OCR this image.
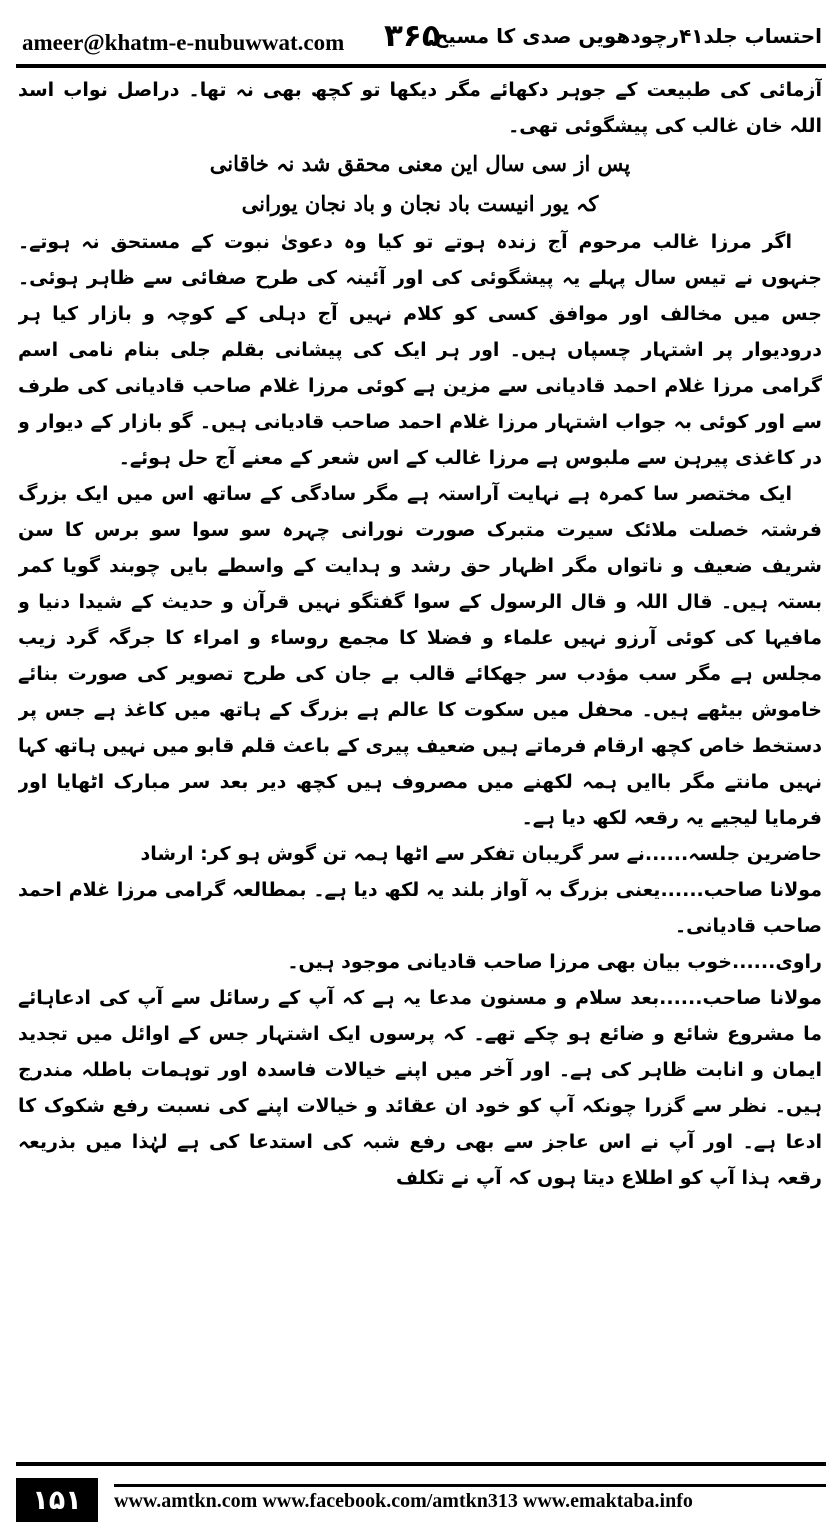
ameer@khatm-e-nubuwwat.com ۳۶۵
احتساب جلد۴۱رچودھویں صدی کا مسیح

آزمائی کی طبیعت کے جوہر دکھائے مگر دیکھا تو کچھ بھی نہ تھا۔ دراصل نواب اسد اللہ خان غالب کی پیشگوئی تھی۔

پس از سی سال این معنی محقق شد نہ خاقانی
کہ یور انیست باد نجان و باد نجان یورانی

اگر مرزا غالب مرحوم آج زندہ ہوتے تو کیا وہ دعویٰ نبوت کے مستحق نہ ہوتے۔ جنہوں نے تیس سال پہلے یہ پیشگوئی کی اور آئینہ کی طرح صفائی سے ظاہر ہوئی۔ جس میں مخالف اور موافق کسی کو کلام نہیں آج دہلی کے کوچہ و بازار کیا ہر درودیوار پر اشتہار چسپاں ہیں۔ اور ہر ایک کی پیشانی بقلم جلی بنام نامی اسم گرامی مرزا غلام احمد قادیانی سے مزین ہے کوئی مرزا غلام صاحب قادیانی کی طرف سے اور کوئی بہ جواب اشتہار مرزا غلام احمد صاحب قادیانی ہیں۔ گو بازار کے دیوار و در کاغذی پیرہن سے ملبوس ہے مرزا غالب کے اس شعر کے معنے آج حل ہوئے۔

ایک مختصر سا کمرہ ہے نہایت آراستہ ہے مگر سادگی کے ساتھ اس میں ایک بزرگ فرشتہ خصلت ملائک سیرت متبرک صورت نورانی چہرہ سو سوا سو برس کا سن شریف ضعیف و ناتواں مگر اظہار حق رشد و ہدایت کے واسطے بایں چوبند گویا کمر بستہ ہیں۔ قال اللہ و قال الرسول کے سوا گفتگو نہیں قرآن و حدیث کے شیدا دنیا و مافیہا کی کوئی آرزو نہیں علماء و فضلا کا مجمع روساء و امراء کا جرگہ گرد زیب مجلس ہے مگر سب مؤدب سر جھکائے قالب بے جان کی طرح تصویر کی صورت بنائے خاموش بیٹھے ہیں۔ محفل میں سکوت کا عالم ہے بزرگ کے ہاتھ میں کاغذ ہے جس پر دستخط خاص کچھ ارقام فرماتے ہیں ضعیف پیری کے باعث قلم قابو میں نہیں ہاتھ کہا نہیں مانتے مگر باایں ہمہ لکھنے میں مصروف ہیں کچھ دیر بعد سر مبارک اٹھایا اور فرمایا لیجیے یہ رقعہ لکھ دیا ہے۔

حاضرین جلسہ......نے سر گریبان تفکر سے اٹھا ہمہ تن گوش ہو کر: ارشاد

مولانا صاحب......یعنی بزرگ بہ آواز بلند یہ لکھ دیا ہے۔ بمطالعہ گرامی مرزا غلام احمد صاحب قادیانی۔

راوی......خوب بیان بھی مرزا صاحب قادیانی موجود ہیں۔

مولانا صاحب......بعد سلام و مسنون مدعا یہ ہے کہ آپ کے رسائل سے آپ کی ادعاہائے ما مشروع شائع و ضائع ہو چکے تھے۔ کہ پرسوں ایک اشتہار جس کے اوائل میں تجدید ایمان و انابت ظاہر کی ہے۔ اور آخر میں اپنے خیالات فاسدہ اور توہمات باطلہ مندرج ہیں۔ نظر سے گزرا چونکہ آپ کو خود ان عقائد و خیالات اپنے کی نسبت رفع شکوک کا ادعا ہے۔ اور آپ نے اس عاجز سے بھی رفع شبہ کی استدعا کی ہے لہٰذا میں بذریعہ رقعہ ہذا آپ کو اطلاع دیتا ہوں کہ آپ نے تکلف

۱۵۱	www.amtkn.com www.facebook.com/amtkn313 www.emaktaba.info
